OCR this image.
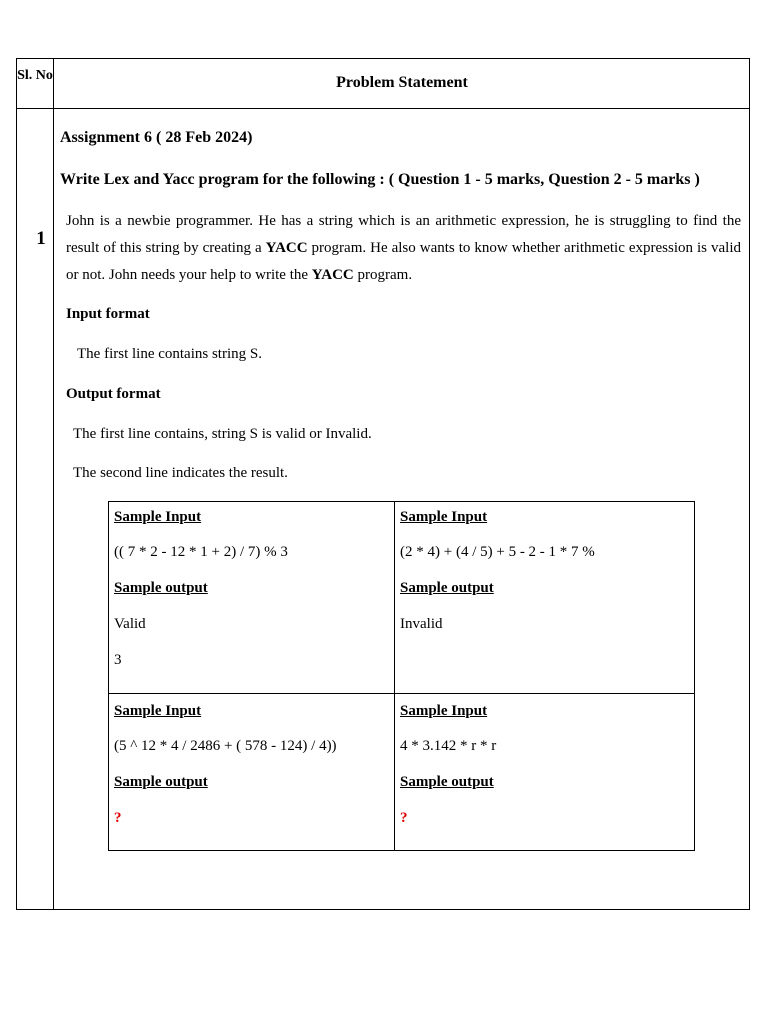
Sl. No	Problem Statement
1
Assignment 6 ( 28 Feb 2024)
Write Lex and Yacc program for the following : ( Question 1 - 5 marks, Question 2 - 5 marks )
John is a newbie programmer. He has a string which is an arithmetic expression, he is struggling to find the result of this string by creating a YACC program. He also wants to know whether arithmetic expression is valid or not. John needs your help to write the YACC program.
Input format
The first line contains string S.
Output format
The first line contains, string S is valid or Invalid.
The second line indicates the result.
Sample Input
(( 7 * 2 - 12 * 1 + 2) / 7) % 3
Sample output
Valid
3
Sample Input
(2 * 4) + (4 / 5) + 5 - 2 - 1 * 7 %
Sample output
Invalid
Sample Input
(5 ^ 12 * 4 / 2486 + ( 578 - 124) / 4))
Sample output
?
Sample Input
4 * 3.142 * r * r
Sample output
?
